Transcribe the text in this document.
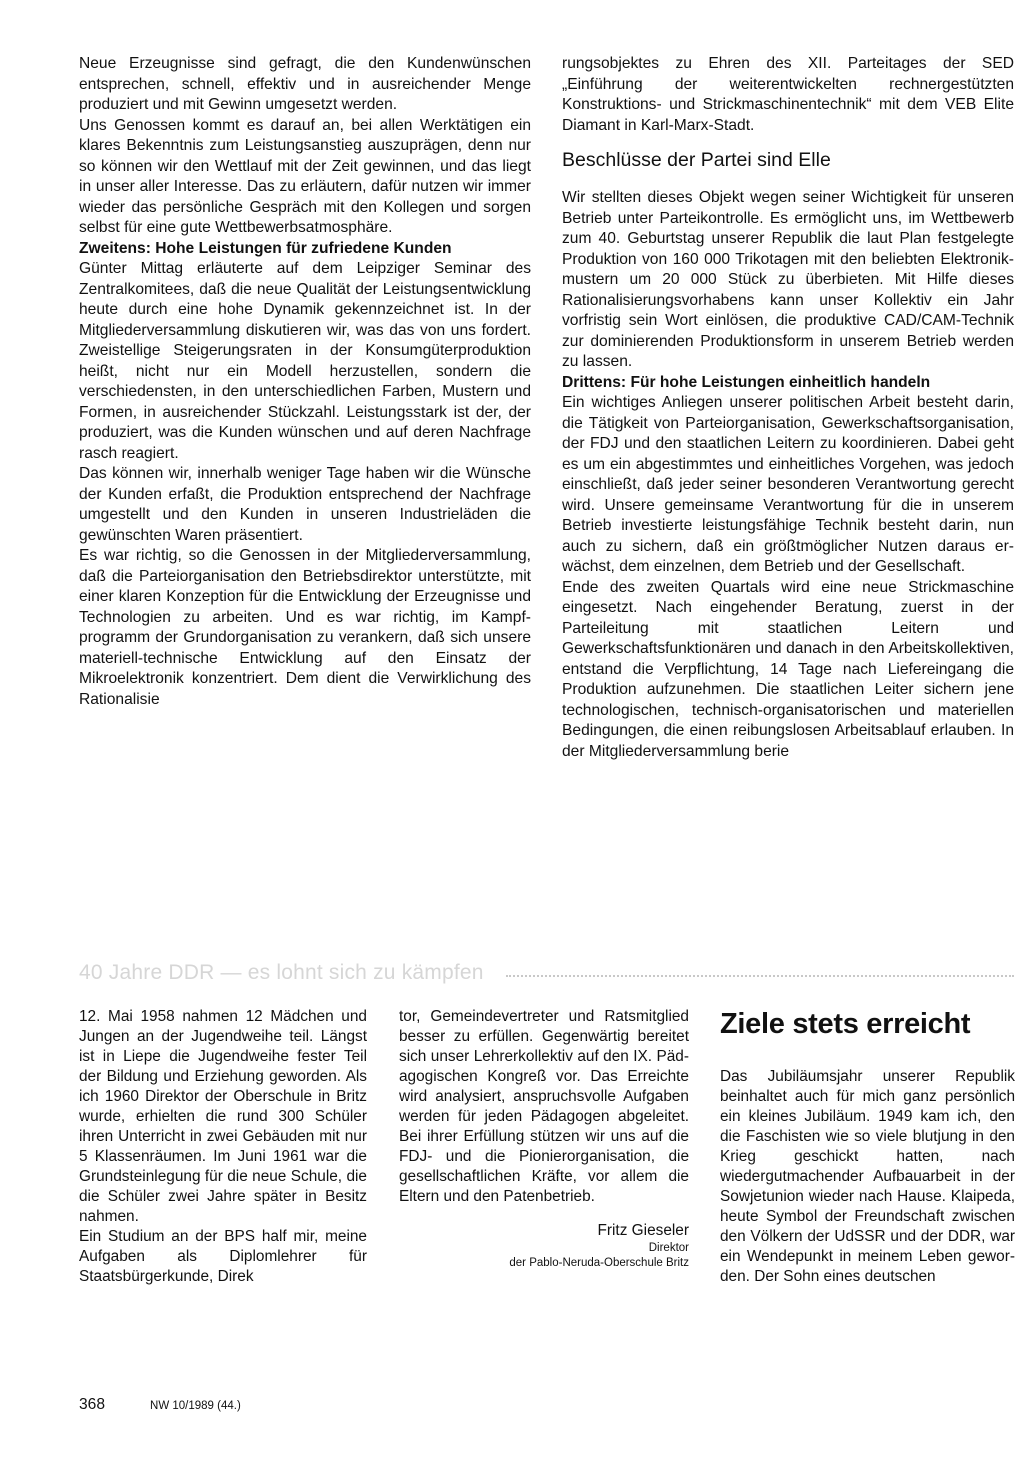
Neue Erzeugnisse sind gefragt, die den Kundenwünschen entsprechen, schnell, effektiv und in ausreichender Menge produziert und mit Gewinn umgesetzt werden.

Uns Genossen kommt es darauf an, bei allen Werktätigen ein klares Bekenntnis zum Leistungsanstieg auszuprägen, denn nur so können wir den Wettlauf mit der Zeit gewinnen, und das liegt in unser aller Interesse. Das zu erläutern, dafür nutzen wir immer wieder das persönliche Gespräch mit den Kollegen und sorgen selbst für eine gute Wettbewerbsatmosphäre.

Zweitens: Hohe Leistungen für zufriedene Kunden

Günter Mittag erläuterte auf dem Leipziger Seminar des Zentralkomitees, daß die neue Qualität der Leistungsentwicklung heute durch eine hohe Dynamik gekennzeichnet ist. In der Mitgliederversammlung diskutieren wir, was das von uns fordert. Zweistellige Steigerungsraten in der Konsumgüterproduktion heißt, nicht nur ein Modell herzustellen, sondern die verschiedensten, in den unterschiedlichen Farben, Mustern und Formen, in ausreichender Stückzahl. Leistungsstark ist der, der produziert, was die Kunden wünschen und auf deren Nachfrage rasch reagiert.

Das können wir, innerhalb weniger Tage haben wir die Wünsche der Kunden erfaßt, die Produktion entsprechend der Nachfrage umgestellt und den Kunden in unseren Industrieläden die gewünschten Waren präsentiert.

Es war richtig, so die Genossen in der Mitgliederversammlung, daß die Parteiorganisation den Betriebsdirektor unterstützte, mit einer klaren Konzeption für die Entwicklung der Erzeugnisse und Technologien zu arbeiten. Und es war richtig, im Kampfprogramm der Grundorganisation zu verankern, daß sich unsere materiell-technische Entwicklung auf den Einsatz der Mikroelektronik konzentriert. Dem dient die Verwirklichung des Rationalisie

rungsobjektes zu Ehren des XII. Parteitages der SED „Einführung der weiterentwickelten rechnergestützten Konstruktions- und Strickmaschinentechnik“ mit dem VEB Elite Diamant in Karl-Marx-Stadt.

Beschlüsse der Partei sind Elle

Wir stellten dieses Objekt wegen seiner Wichtigkeit für unseren Betrieb unter Parteikontrolle. Es ermöglicht uns, im Wettbewerb zum 40. Geburtstag unserer Republik die laut Plan festgelegte Produktion von 160 000 Trikotagen mit den beliebten Elektronikmustern um 20 000 Stück zu überbieten. Mit Hilfe dieses Rationalisierungsvorhabens kann unser Kollektiv ein Jahr vorfristig sein Wort einlösen, die produktive CAD/CAM-Technik zur dominierenden Produktionsform in unserem Betrieb werden zu lassen.

Drittens: Für hohe Leistungen einheitlich handeln

Ein wichtiges Anliegen unserer politischen Arbeit besteht darin, die Tätigkeit von Parteiorganisation, Gewerkschaftsorganisation, der FDJ und den staatlichen Leitern zu koordinieren. Dabei geht es um ein abgestimmtes und einheitliches Vorgehen, was jedoch einschließt, daß jeder seiner besonderen Verantwortung gerecht wird. Unsere gemeinsame Verantwortung für die in unserem Betrieb investierte leistungsfähige Technik besteht darin, nun auch zu sichern, daß ein größtmöglicher Nutzen daraus erwächst, dem einzelnen, dem Betrieb und der Gesellschaft.

Ende des zweiten Quartals wird eine neue Strickmaschine eingesetzt. Nach eingehender Beratung, zuerst in der Parteileitung mit staatlichen Leitern und Gewerkschaftsfunktionären und danach in den Arbeitskollektiven, entstand die Verpflichtung, 14 Tage nach Liefereingang die Produktion aufzunehmen. Die staatlichen Leiter sichern jene technologischen, technisch-organisatorischen und materiellen Bedingungen, die einen reibungslosen Arbeitsablauf erlauben. In der Mitgliederversammlung berie

40 Jahre DDR — es lohnt sich zu kämpfen

12. Mai 1958 nahmen 12 Mädchen und Jungen an der Jugendweihe teil. Längst ist in Liepe die Jugendweihe fester Teil der Bildung und Erziehung geworden. Als ich 1960 Direktor der Oberschule in Britz wurde, erhielten die rund 300 Schüler ihren Unterricht in zwei Gebäuden mit nur 5 Klassenräumen. Im Juni 1961 war die Grundsteinlegung für die neue Schule, die die Schüler zwei Jahre später in Besitz nahmen.

Ein Studium an der BPS half mir, meine Aufgaben als Diplomlehrer für Staatsbürgerkunde, Direk

tor, Gemeindevertreter und Ratsmitglied besser zu erfüllen. Gegenwärtig bereitet sich unser Lehrerkollektiv auf den IX. Pädagogischen Kongreß vor. Das Erreichte wird analysiert, anspruchsvolle Aufgaben werden für jeden Pädagogen abgeleitet. Bei ihrer Erfüllung stützen wir uns auf die FDJ- und die Pionierorganisation, die gesellschaftlichen Kräfte, vor allem die Eltern und den Patenbetrieb.

Fritz Gieseler
Direktor
der Pablo-Neruda-Oberschule Britz
Ziele stets erreicht

Das Jubiläumsjahr unserer Republik beinhaltet auch für mich ganz persönlich ein kleines Jubiläum. 1949 kam ich, den die Faschisten wie so viele blutjung in den Krieg geschickt hatten, nach wiedergutmachender Aufbauarbeit in der Sowjetunion wieder nach Hause. Klaipeda, heute Symbol der Freundschaft zwischen den Völkern der UdSSR und der DDR, war ein Wendepunkt in meinem Leben geworden. Der Sohn eines deutschen

368	NW 10/1989 (44.)
